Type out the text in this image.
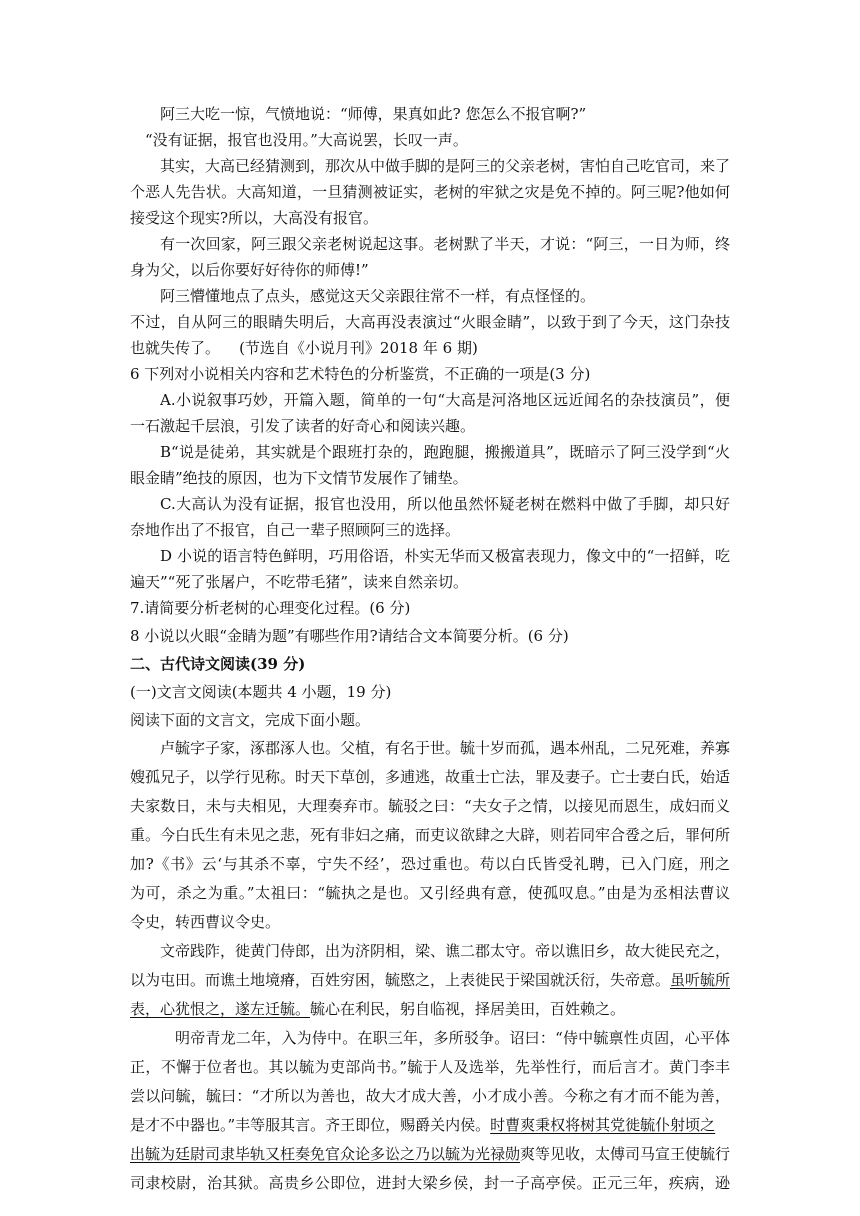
阿三大吃一惊，气愤地说：“师傅，果真如此? 您怎么不报官啊?”
“没有证据，报官也没用。”大高说罢，长叹一声。
其实，大高已经猜测到，那次从中做手脚的是阿三的父亲老树，害怕自己吃官司，来了
个恶人先告状。大高知道，一旦猜测被证实，老树的牢狱之灾是免不掉的。阿三呢?他如何
接受这个现实?所以，大高没有报官。
有一次回家，阿三跟父亲老树说起这事。老树默了半天，才说：“阿三，一日为师，终
身为父，以后你要好好待你的师傅!”
阿三懵懂地点了点头，感觉这天父亲跟往常不一样，有点怪怪的。
不过，自从阿三的眼睛失明后，大高再没表演过“火眼金睛”，以致于到了今天，这门杂技
也就失传了。    (节选自《小说月刊》2018 年 6 期)
6 下列对小说相关内容和艺术特色的分析鉴赏，不正确的一项是(3 分)
A.小说叙事巧妙，开篇入题，简单的一句“大高是河洛地区远近闻名的杂技演员”，便
一石激起千层浪，引发了读者的好奇心和阅读兴趣。
B“说是徒弟，其实就是个跟班打杂的，跑跑腿，搬搬道具”，既暗示了阿三没学到“火
眼金睛”绝技的原因，也为下文情节发展作了铺垫。
C.大高认为没有证据，报官也没用，所以他虽然怀疑老树在燃料中做了手脚，却只好
奈地作出了不报官，自己一辈子照顾阿三的选择。
D 小说的语言特色鲜明，巧用俗语，朴实无华而又极富表现力，像文中的“一招鲜，吃
遍天”“死了张屠户，不吃带毛猪”，读来自然亲切。
7.请简要分析老树的心理变化过程。(6 分)
8 小说以火眼“金睛为题”有哪些作用?请结合文本简要分析。(6 分)
二、古代诗文阅读(39 分)
(一)文言文阅读(本题共 4 小题，19 分)
阅读下面的文言文，完成下面小题。
卢毓字子家，涿郡涿人也。父植，有名于世。毓十岁而孤，遇本州乱，二兄死难，养寡
嫂孤兄子，以学行见称。时天下草创，多逋逃，故重士亡法，罪及妻子。亡士妻白氏，始适
夫家数日，未与夫相见，大理奏弃市。毓驳之曰：“夫女子之情，以接见而恩生，成妇而义
重。今白氏生有未见之悲，死有非妇之痛，而吏议欲肆之大辟，则若同牢合卺之后，罪何所
加?《书》云‘与其杀不辜，宁失不经’，恐过重也。苟以白氏皆受礼聘，已入门庭，刑之
为可，杀之为重。”太祖曰：“毓执之是也。又引经典有意，使孤叹息。”由是为丞相法曹议
令史，转西曹议令史。
文帝践阼，徙黄门侍郎，出为济阴相，梁、谯二郡太守。帝以谯旧乡，故大徙民充之，
以为屯田。而谯土地境瘠，百姓穷困，毓愍之，上表徙民于梁国就沃衍，失帝意。虽听毓所
表，心犹恨之，遂左迁毓。毓心在利民，躬自临视，择居美田，百姓赖之。
明帝青龙二年，入为侍中。在职三年，多所驳争。诏曰：“侍中毓禀性贞固，心平体
正，不懈于位者也。其以毓为吏部尚书。”毓于人及选举，先举性行，而后言才。黄门李丰
尝以问毓，毓曰：“才所以为善也，故大才成大善，小才成小善。今称之有才而不能为善，
是才不中器也。”丰等服其言。齐王即位，赐爵关内侯。时曹爽秉权将树其党徙毓仆射顷之
出毓为廷尉司隶毕轨又枉奏免官众论多讼之乃以毓为光禄勋爽等见收，太傅司马宣王使毓行
司隶校尉，治其狱。高贵乡公即位，进封大梁乡侯，封一子高亭侯。正元三年，疾病，逊
